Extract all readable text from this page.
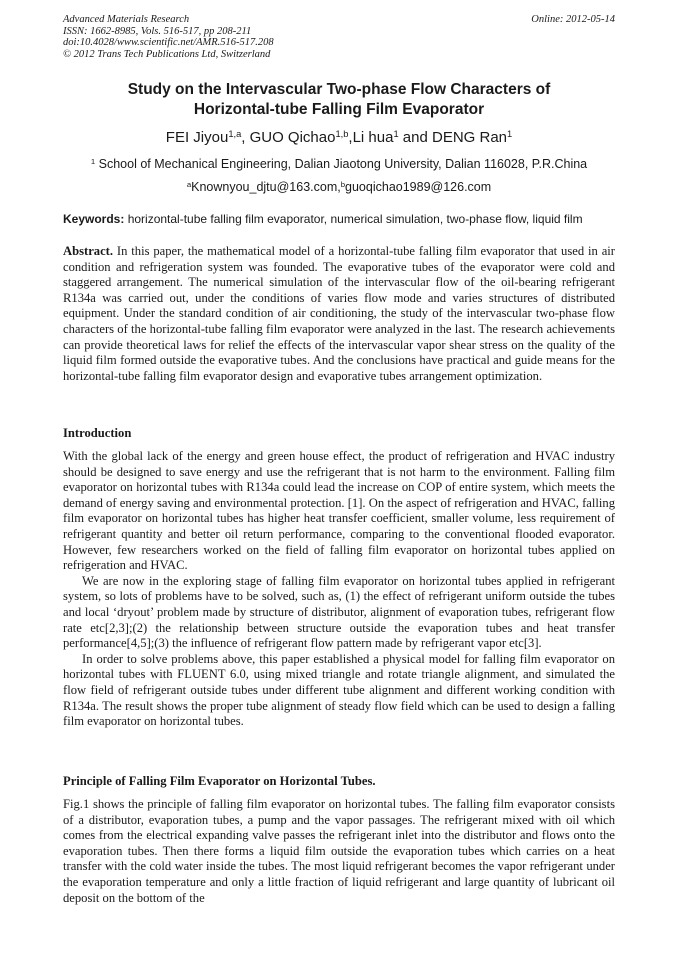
Advanced Materials Research
ISSN: 1662-8985, Vols. 516-517, pp 208-211
doi:10.4028/www.scientific.net/AMR.516-517.208
© 2012 Trans Tech Publications Ltd, Switzerland
Online: 2012-05-14
Study on the Intervascular Two-phase Flow Characters of
Horizontal-tube Falling Film Evaporator
FEI Jiyou$^{1,a}$, GUO Qichao$^{1,b}$,Li hua$^1$ and DENG Ran$^1$
$^1$ School of Mechanical Engineering, Dalian Jiaotong University, Dalian 116028, P.R.China
$^a$Knownyou_djtu@163.com,$^b$guoqichao1989@126.com
Keywords: horizontal-tube falling film evaporator, numerical simulation, two-phase flow, liquid film

Abstract. In this paper, the mathematical model of a horizontal-tube falling film evaporator that used in air condition and refrigeration system was founded. The evaporative tubes of the evaporator were cold and staggered arrangement. The numerical simulation of the intervascular flow of the oil-bearing refrigerant R134a was carried out, under the conditions of varies flow mode and varies structures of distributed equipment. Under the standard condition of air conditioning, the study of the intervascular two-phase flow characters of the horizontal-tube falling film evaporator were analyzed in the last. The research achievements can provide theoretical laws for relief the effects of the intervascular vapor shear stress on the quality of the liquid film formed outside the evaporative tubes. And the conclusions have practical and guide means for the horizontal-tube falling film evaporator design and evaporative tubes arrangement optimization.

Introduction

With the global lack of the energy and green house effect, the product of refrigeration and HVAC industry should be designed to save energy and use the refrigerant that is not harm to the environment. Falling film evaporator on horizontal tubes with R134a could lead the increase on COP of entire system, which meets the demand of energy saving and environmental protection. [1]. On the aspect of refrigeration and HVAC, falling film evaporator on horizontal tubes has higher heat transfer coefficient, smaller volume, less requirement of refrigerant quantity and better oil return performance, comparing to the conventional flooded evaporator. However, few researchers worked on the field of falling film evaporator on horizontal tubes applied on refrigeration and HVAC.

We are now in the exploring stage of falling film evaporator on horizontal tubes applied in refrigerant system, so lots of problems have to be solved, such as, (1) the effect of refrigerant uniform outside the tubes and local ‘dryout’ problem made by structure of distributor, alignment of evaporation tubes, refrigerant flow rate etc[2,3];(2) the relationship between structure outside the evaporation tubes and heat transfer performance[4,5];(3) the influence of refrigerant flow pattern made by refrigerant vapor etc[3].

In order to solve problems above, this paper established a physical model for falling film evaporator on horizontal tubes with FLUENT 6.0, using mixed triangle and rotate triangle alignment, and simulated the flow field of refrigerant outside tubes under different tube alignment and different working condition with R134a. The result shows the proper tube alignment of steady flow field which can be used to design a falling film evaporator on horizontal tubes.

Principle of Falling Film Evaporator on Horizontal Tubes.

Fig.1 shows the principle of falling film evaporator on horizontal tubes. The falling film evaporator consists of a distributor, evaporation tubes, a pump and the vapor passages. The refrigerant mixed with oil which comes from the electrical expanding valve passes the refrigerant inlet into the distributor and flows onto the evaporation tubes. Then there forms a liquid film outside the evaporation tubes which carries on a heat transfer with the cold water inside the tubes. The most liquid refrigerant becomes the vapor refrigerant under the evaporation temperature and only a little fraction of liquid refrigerant and large quantity of lubricant oil deposit on the bottom of the
